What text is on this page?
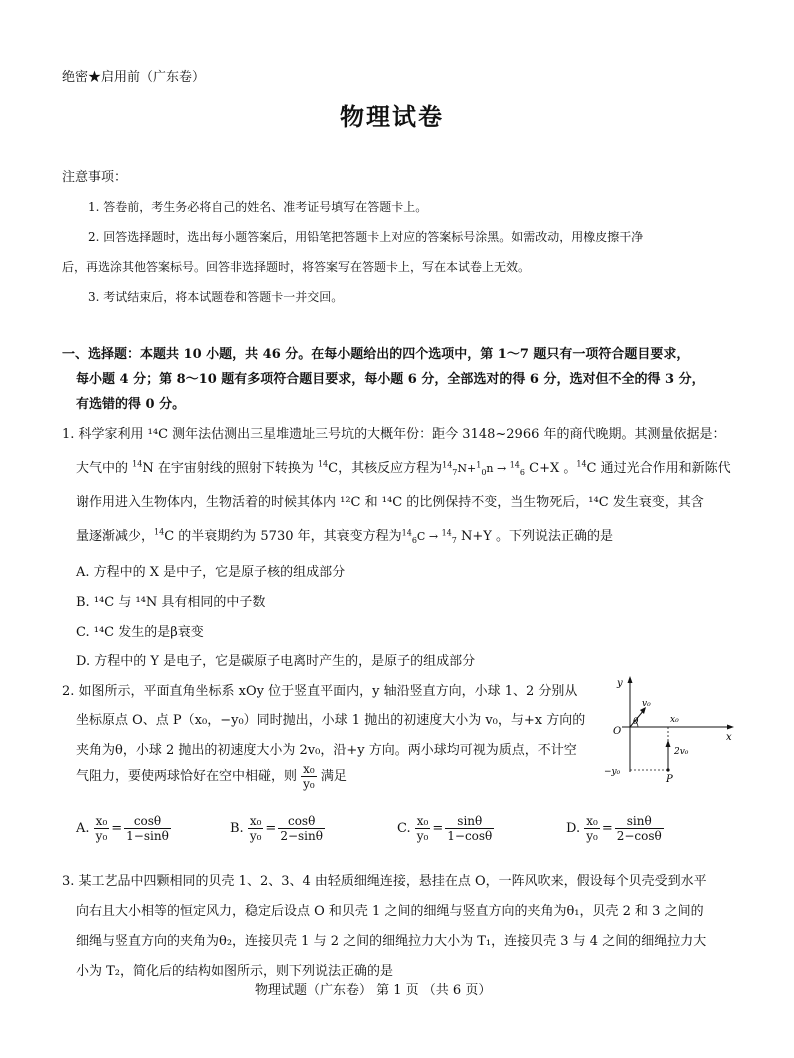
绝密★启用前（广东卷）
物理试卷
注意事项：
1. 答卷前，考生务必将自己的姓名、准考证号填写在答题卡上。
2. 回答选择题时，选出每小题答案后，用铅笔把答题卡上对应的答案标号涂黑。如需改动，用橡皮擦干净
后，再选涂其他答案标号。回答非选择题时，将答案写在答题卡上，写在本试卷上无效。
3. 考试结束后，将本试题卷和答题卡一并交回。
一、选择题：本题共 10 小题，共 46 分。在每小题给出的四个选项中，第 1～7 题只有一项符合题目要求，
每小题 4 分；第 8～10 题有多项符合题目要求，每小题 6 分，全部选对的得 6 分，选对但不全的得 3 分，
有选错的得 0 分。
1. 科学家利用 ¹⁴C 测年法估测出三星堆遗址三号坑的大概年份：距今 3148~2966 年的商代晚期。其测量依据是：
大气中的 $^{14}$N 在宇宙射线的照射下转换为 $^{14}$C，其核反应方程为$^{14}_7$N+$^1_0$n → $^{14}_6$ C+X 。$^{14}$C 通过光合作用和新陈代
谢作用进入生物体内，生物活着的时候其体内 ¹²C 和 ¹⁴C 的比例保持不变，当生物死后，¹⁴C 发生衰变，其含
量逐渐减少，$^{14}$C 的半衰期约为 5730 年，其衰变方程为$^{14}_6$C → $^{14}_7$ N+Y 。下列说法正确的是
A. 方程中的 X 是中子，它是原子核的组成部分
B. ¹⁴C 与 ¹⁴N 具有相同的中子数
C. ¹⁴C 发生的是β衰变
D. 方程中的 Y 是电子，它是碳原子电离时产生的，是原子的组成部分
2. 如图所示，平面直角坐标系 xOy 位于竖直平面内，y 轴沿竖直方向，小球 1、2 分别从
坐标原点 O、点 P（x₀，−y₀）同时抛出，小球 1 抛出的初速度大小为 v₀，与+x 方向的
夹角为θ，小球 2 抛出的初速度大小为 2v₀，沿+y 方向。两小球均可视为质点，不计空
气阻力，要使两球恰好在空中相碰，则 $\frac{\text{x₀}}{\text{y₀}}$ 满足
y
x
O
v₀
θ	x₀
2v₀
−y₀
P
A. $\frac{\text{x₀}}{\text{y₀}} = \frac{\cos\theta}{1-\sin\theta}$	B. $\frac{\text{x₀}}{\text{y₀}} = \frac{\cos\theta}{2-\sin\theta}$	C. $\frac{\text{x₀}}{\text{y₀}} = \frac{\sin\theta}{1-\cos\theta}$	D. $\frac{\text{x₀}}{\text{y₀}} = \frac{\sin\theta}{2-\cos\theta}$
3. 某工艺品中四颗相同的贝壳 1、2、3、4 由轻质细绳连接，悬挂在点 O，一阵风吹来，假设每个贝壳受到水平
向右且大小相等的恒定风力，稳定后设点 O 和贝壳 1 之间的细绳与竖直方向的夹角为θ₁，贝壳 2 和 3 之间的
细绳与竖直方向的夹角为θ₂，连接贝壳 1 与 2 之间的细绳拉力大小为 T₁，连接贝壳 3 与 4 之间的细绳拉力大
小为 T₂，简化后的结构如图所示，则下列说法正确的是
物理试题（广东卷） 第 1 页 （共 6 页）
